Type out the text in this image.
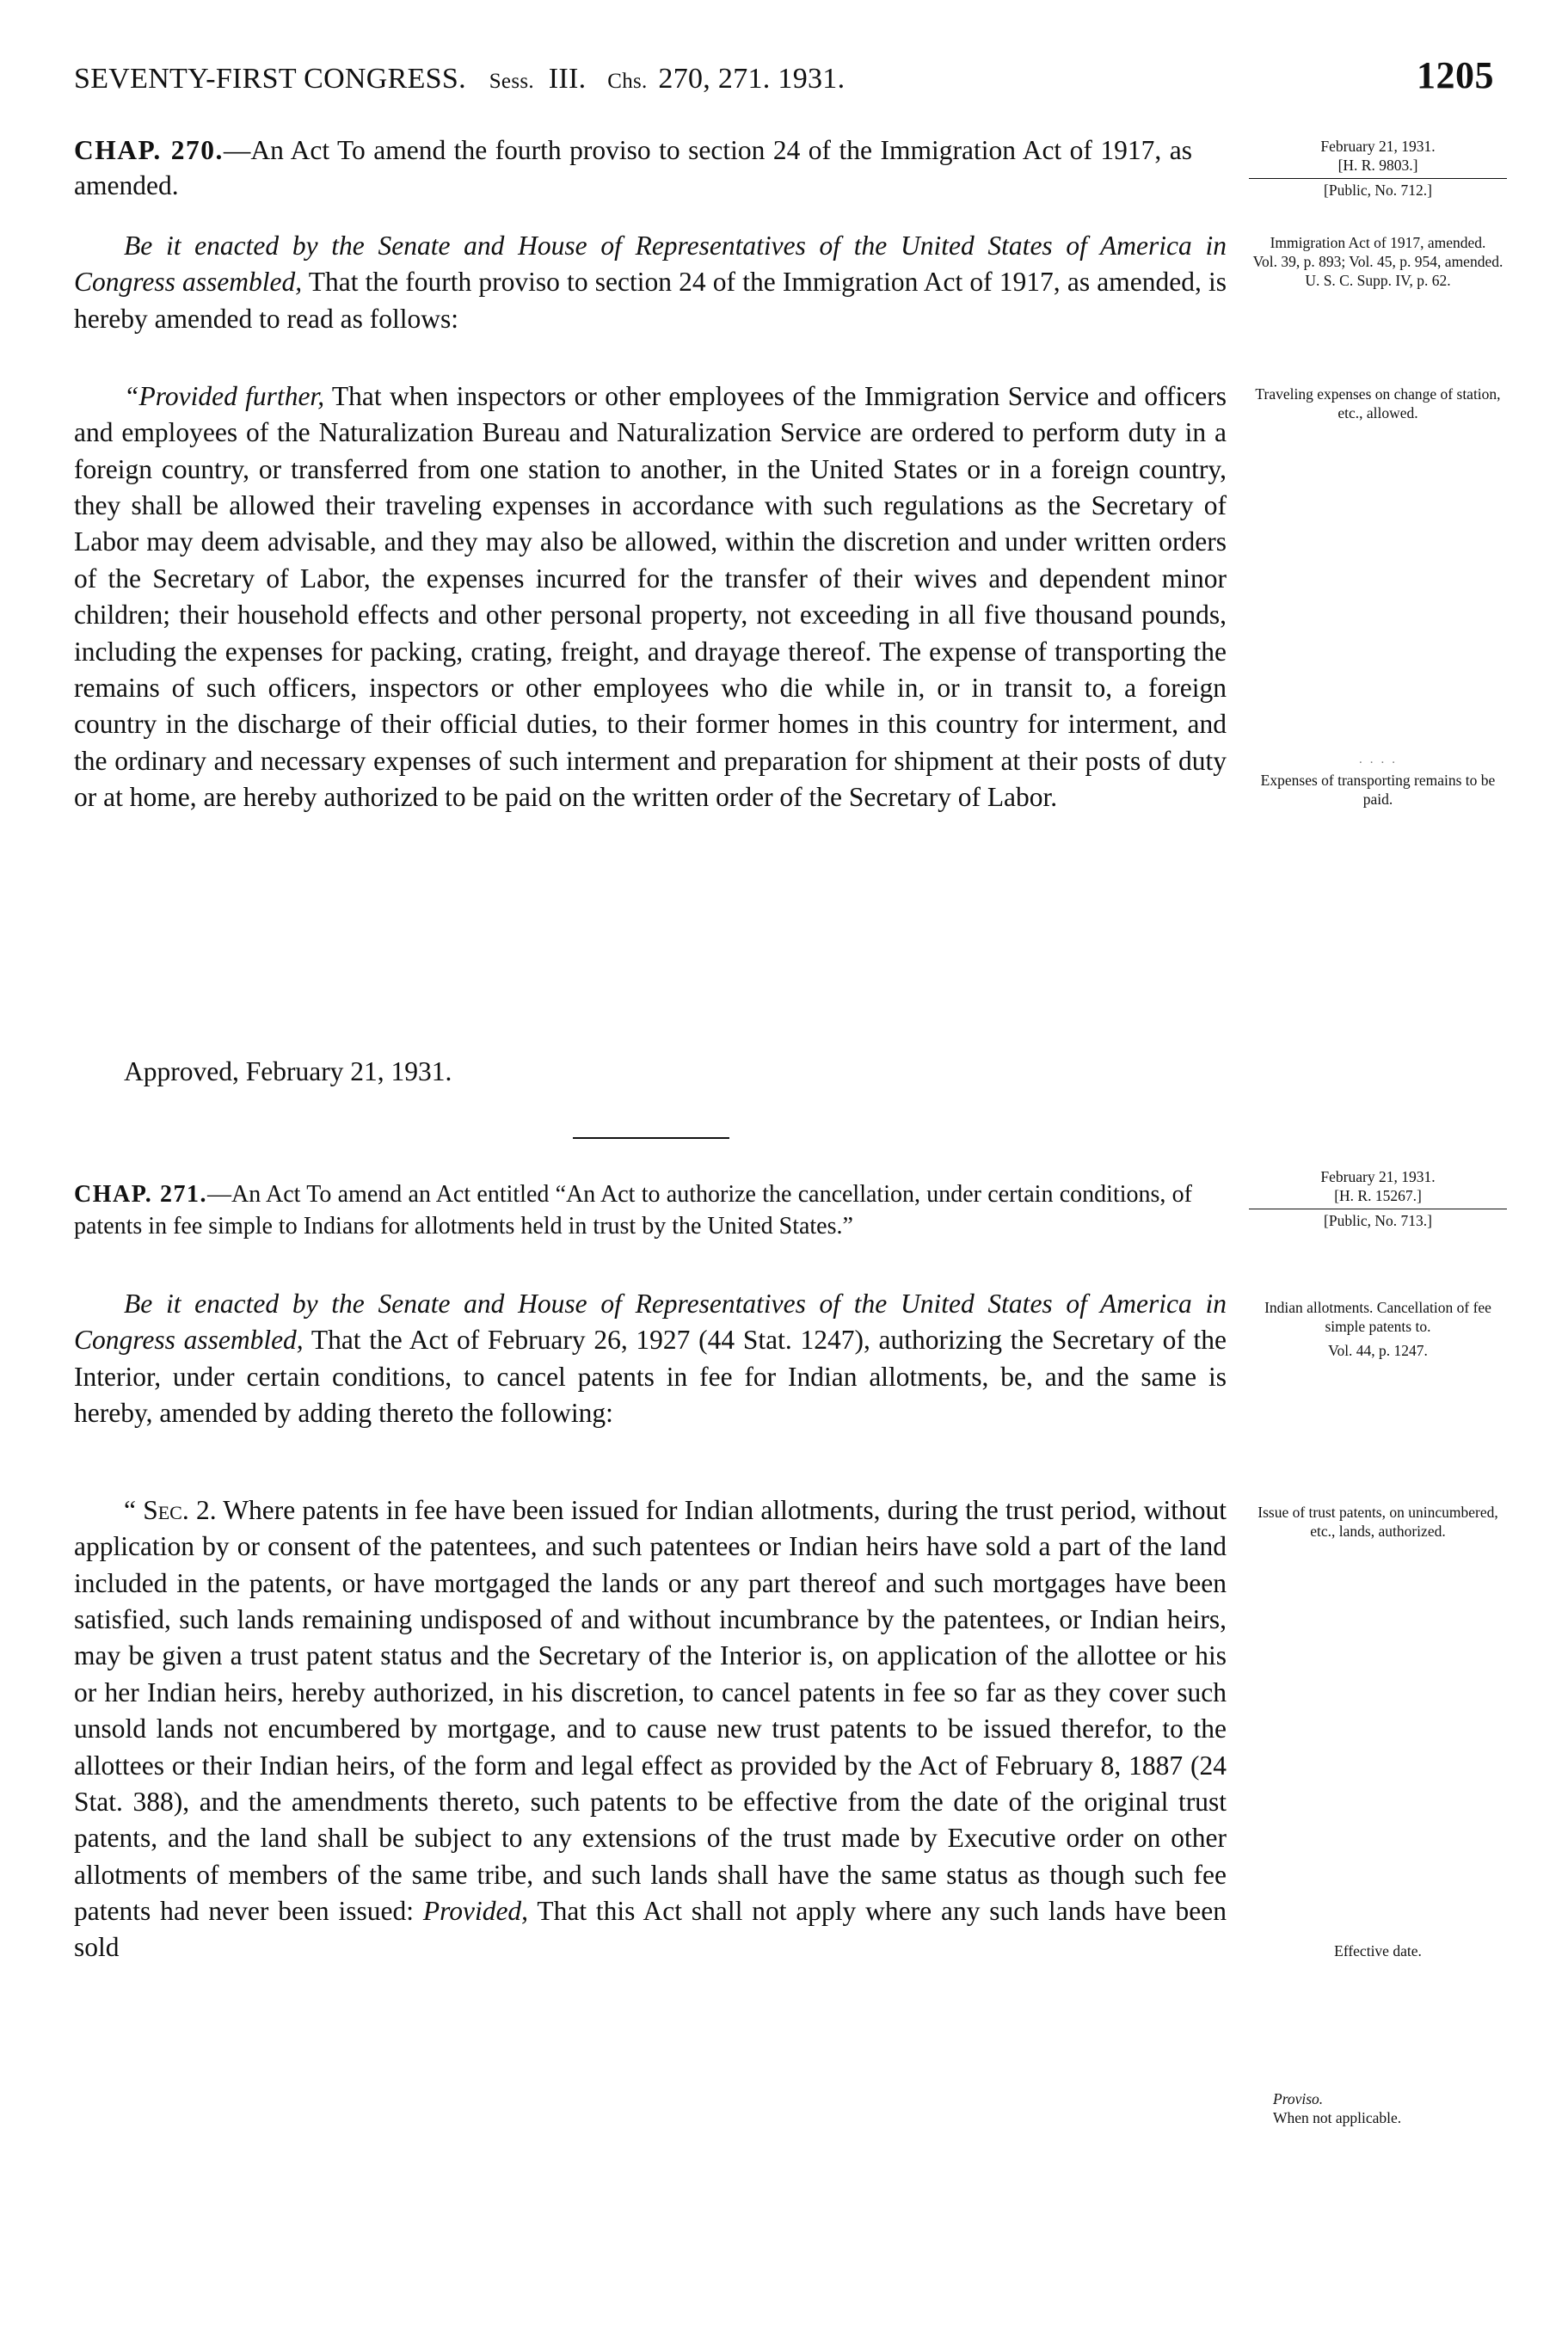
SEVENTY-FIRST CONGRESS. Sess. III. Chs. 270, 271. 1931.	1205
CHAP. 270.—An Act To amend the fourth proviso to section 24 of the Immigration Act of 1917, as amended.
February 21, 1931.
[H. R. 9803.]
[Public, No. 712.]

Be it enacted by the Senate and House of Representatives of the United States of America in Congress assembled, That the fourth proviso to section 24 of the Immigration Act of 1917, as amended, is hereby amended to read as follows:

Immigration Act of 1917, amended.
Vol. 39, p. 893; Vol. 45, p. 954, amended.
U. S. C. Supp. IV, p. 62.

“Provided further, That when inspectors or other employees of the Immigration Service and officers and employees of the Naturalization Bureau and Naturalization Service are ordered to perform duty in a foreign country, or transferred from one station to another, in the United States or in a foreign country, they shall be allowed their traveling expenses in accordance with such regulations as the Secretary of Labor may deem advisable, and they may also be allowed, within the discretion and under written orders of the Secretary of Labor, the expenses incurred for the transfer of their wives and dependent minor children; their household effects and other personal property, not exceeding in all five thousand pounds, including the expenses for packing, crating, freight, and drayage thereof. The expense of transporting the remains of such officers, inspectors or other employees who die while in, or in transit to, a foreign country in the discharge of their official duties, to their former homes in this country for interment, and the ordinary and necessary expenses of such interment and preparation for shipment at their posts of duty or at home, are hereby authorized to be paid on the written order of the Secretary of Labor.

Traveling expenses on change of station, etc., allowed.
· · · ·
Expenses of transporting remains to be paid.

Approved, February 21, 1931.

CHAP. 271.—An Act To amend an Act entitled “An Act to authorize the cancellation, under certain conditions, of patents in fee simple to Indians for allotments held in trust by the United States.”
February 21, 1931.
[H. R. 15267.]
[Public, No. 713.]

Be it enacted by the Senate and House of Representatives of the United States of America in Congress assembled, That the Act of February 26, 1927 (44 Stat. 1247), authorizing the Secretary of the Interior, under certain conditions, to cancel patents in fee for Indian allotments, be, and the same is hereby, amended by adding thereto the following:

Indian allotments. Cancellation of fee simple patents to.
Vol. 44, p. 1247.

“ Sec. 2. Where patents in fee have been issued for Indian allotments, during the trust period, without application by or consent of the patentees, and such patentees or Indian heirs have sold a part of the land included in the patents, or have mortgaged the lands or any part thereof and such mortgages have been satisfied, such lands remaining undisposed of and without incumbrance by the patentees, or Indian heirs, may be given a trust patent status and the Secretary of the Interior is, on application of the allottee or his or her Indian heirs, hereby authorized, in his discretion, to cancel patents in fee so far as they cover such unsold lands not encumbered by mortgage, and to cause new trust patents to be issued therefor, to the allottees or their Indian heirs, of the form and legal effect as provided by the Act of February 8, 1887 (24 Stat. 388), and the amendments thereto, such patents to be effective from the date of the original trust patents, and the land shall be subject to any extensions of the trust made by Executive order on other allotments of members of the same tribe, and such lands shall have the same status as though such fee patents had never been issued: Provided, That this Act shall not apply where any such lands have been sold

Issue of trust patents, on unincumbered, etc., lands, authorized.
Effective date.
Proviso.
When not applicable.
